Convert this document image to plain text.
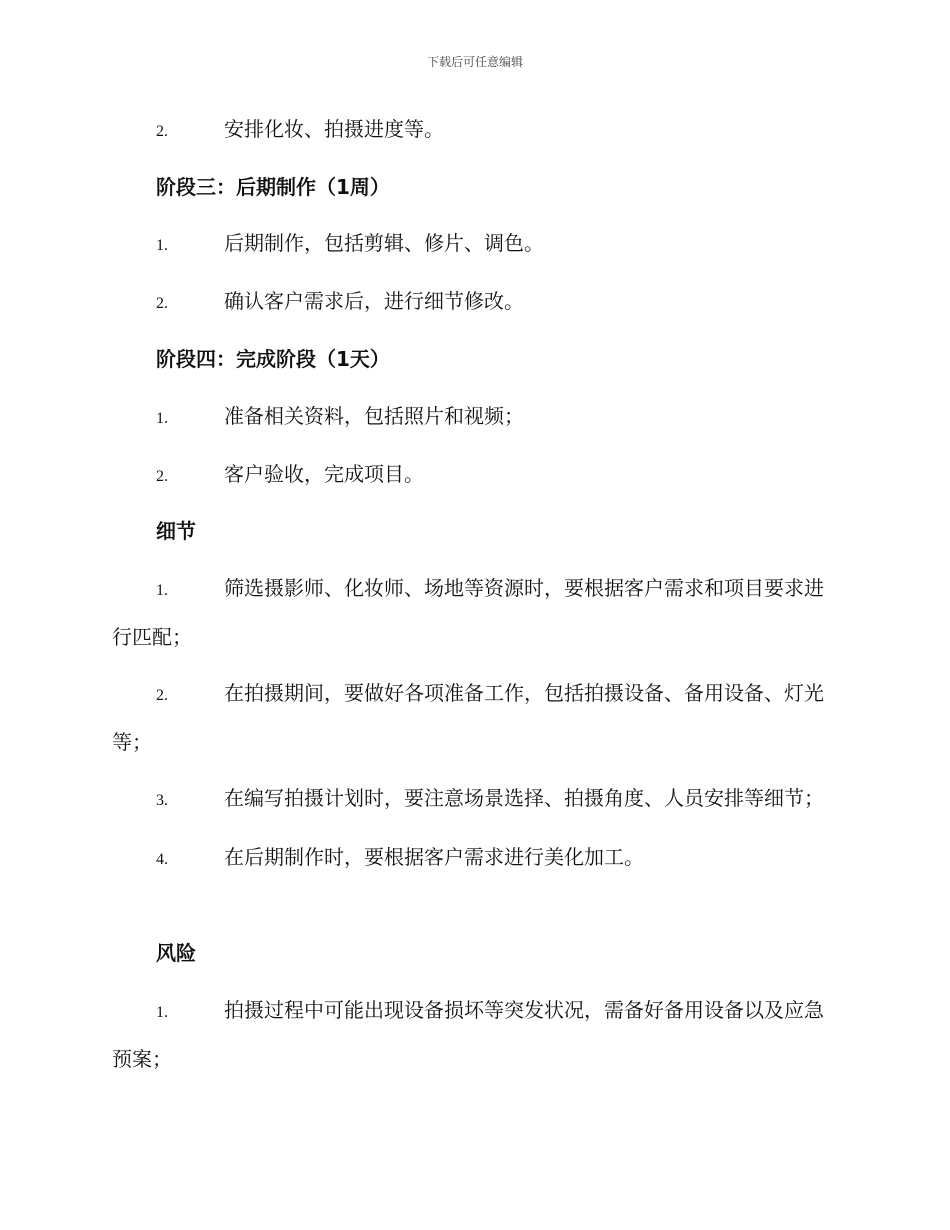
下载后可任意编辑
2.	安排化妆、拍摄进度等。
阶段三：后期制作（1周）
1.	后期制作，包括剪辑、修片、调色。
2.	确认客户需求后，进行细节修改。
阶段四：完成阶段（1天）
1.	准备相关资料，包括照片和视频；
2.	客户验收，完成项目。
细节
1.	筛选摄影师、化妆师、场地等资源时，要根据客户需求和项目要求进行匹配；
2.	在拍摄期间，要做好各项准备工作，包括拍摄设备、备用设备、灯光等；
3.	在编写拍摄计划时，要注意场景选择、拍摄角度、人员安排等细节；
4.	在后期制作时，要根据客户需求进行美化加工。
风险
1.	拍摄过程中可能出现设备损坏等突发状况，需备好备用设备以及应急预案；
